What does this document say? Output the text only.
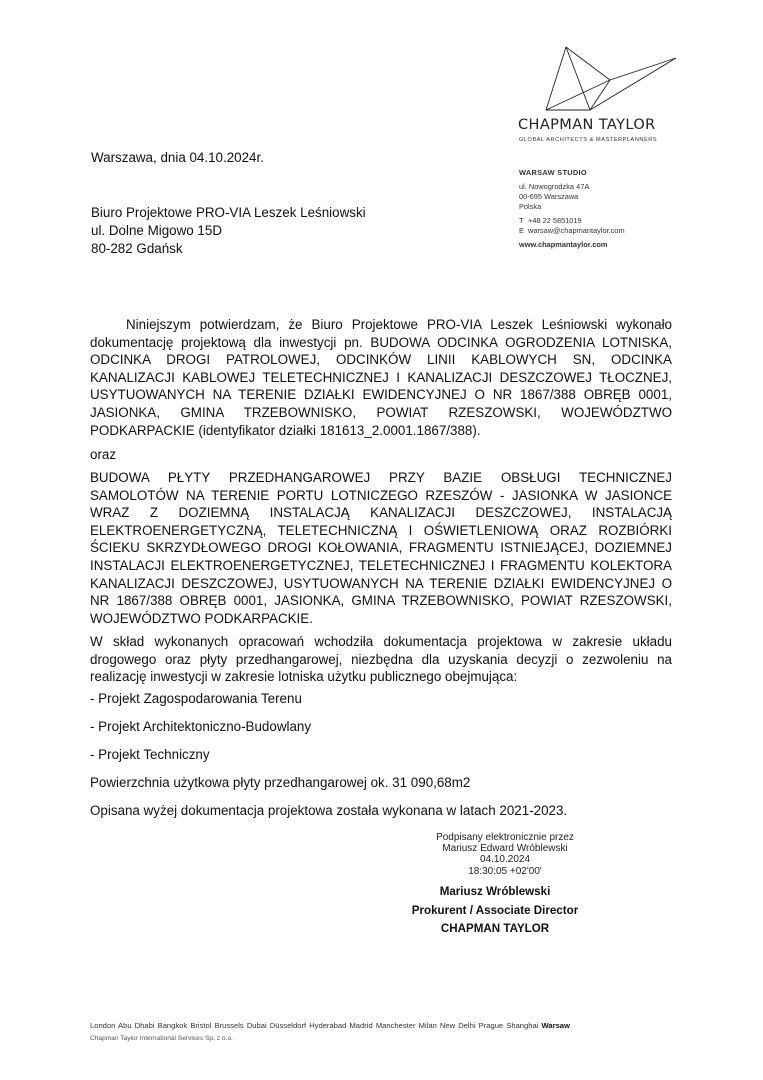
CHAPMAN TAYLOR
GLOBAL ARCHITECTS & MASTERPLANNERS
WARSAW STUDIO
ul. Nowogrodzka 47A
00-695 Warszawa
Polska
T +48 22 5851019
E warsaw@chapmantaylor.com
www.chapmantaylor.com
Warszawa, dnia 04.10.2024r.
Biuro Projektowe PRO-VIA Leszek Leśniowski
ul. Dolne Migowo 15D
80-282 Gdańsk
Niniejszym potwierdzam, że Biuro Projektowe PRO-VIA Leszek Leśniowski wykonało dokumentację projektową dla inwestycji pn. BUDOWA ODCINKA OGRODZENIA LOTNISKA, ODCINKA DROGI PATROLOWEJ, ODCINKÓW LINII KABLOWYCH SN, ODCINKA KANALIZACJI KABLOWEJ TELETECHNICZNEJ I KANALIZACJI DESZCZOWEJ TŁOCZNEJ, USYTUOWANYCH NA TERENIE DZIAŁKI EWIDENCYJNEJ O NR 1867/388 OBRĘB 0001, JASIONKA, GMINA TRZEBOWNISKO, POWIAT RZESZOWSKI, WOJEWÓDZTWO PODKARPACKIE (identyfikator działki 181613_2.0001.1867/388).
oraz
BUDOWA PŁYTY PRZEDHANGAROWEJ PRZY BAZIE OBSŁUGI TECHNICZNEJ SAMOLOTÓW NA TERENIE PORTU LOTNICZEGO RZESZÓW - JASIONKA W JASIONCE WRAZ Z DOZIEMNĄ INSTALACJĄ KANALIZACJI DESZCZOWEJ, INSTALACJĄ ELEKTROENERGETYCZNĄ, TELETECHNICZNĄ I OŚWIETLENIOWĄ ORAZ ROZBIÓRKI ŚCIEKU SKRZYDŁOWEGO DROGI KOŁOWANIA, FRAGMENTU ISTNIEJĄCEJ, DOZIEMNEJ INSTALACJI ELEKTROENERGETYCZNEJ, TELETECHNICZNEJ I FRAGMENTU KOLEKTORA KANALIZACJI DESZCZOWEJ, USYTUOWANYCH NA TERENIE DZIAŁKI EWIDENCYJNEJ O NR 1867/388 OBRĘB 0001, JASIONKA, GMINA TRZEBOWNISKO, POWIAT RZESZOWSKI, WOJEWÓDZTWO PODKARPACKIE.
W skład wykonanych opracowań wchodziła dokumentacja projektowa w zakresie układu drogowego oraz płyty przedhangarowej, niezbędna dla uzyskania decyzji o zezwoleniu na realizację inwestycji w zakresie lotniska użytku publicznego obejmująca:
- Projekt Zagospodarowania Terenu
- Projekt Architektoniczno-Budowlany
- Projekt Techniczny
Powierzchnia użytkowa płyty przedhangarowej ok. 31 090,68m2
Opisana wyżej dokumentacja projektowa została wykonana w latach 2021-2023.
Podpisany elektronicznie przez
Mariusz Edward Wróblewski
04.10.2024
18:30:05 +02'00'
Mariusz Wróblewski
Prokurent / Associate Director
CHAPMAN TAYLOR
London Abu Dhabi Bangkok Bristol Brussels Dubai Düsseldorf Hyderabad Madrid Manchester Milan New Delhi Prague Shanghai Warsaw
Chapman Taylor International Services Sp. z o.o.
